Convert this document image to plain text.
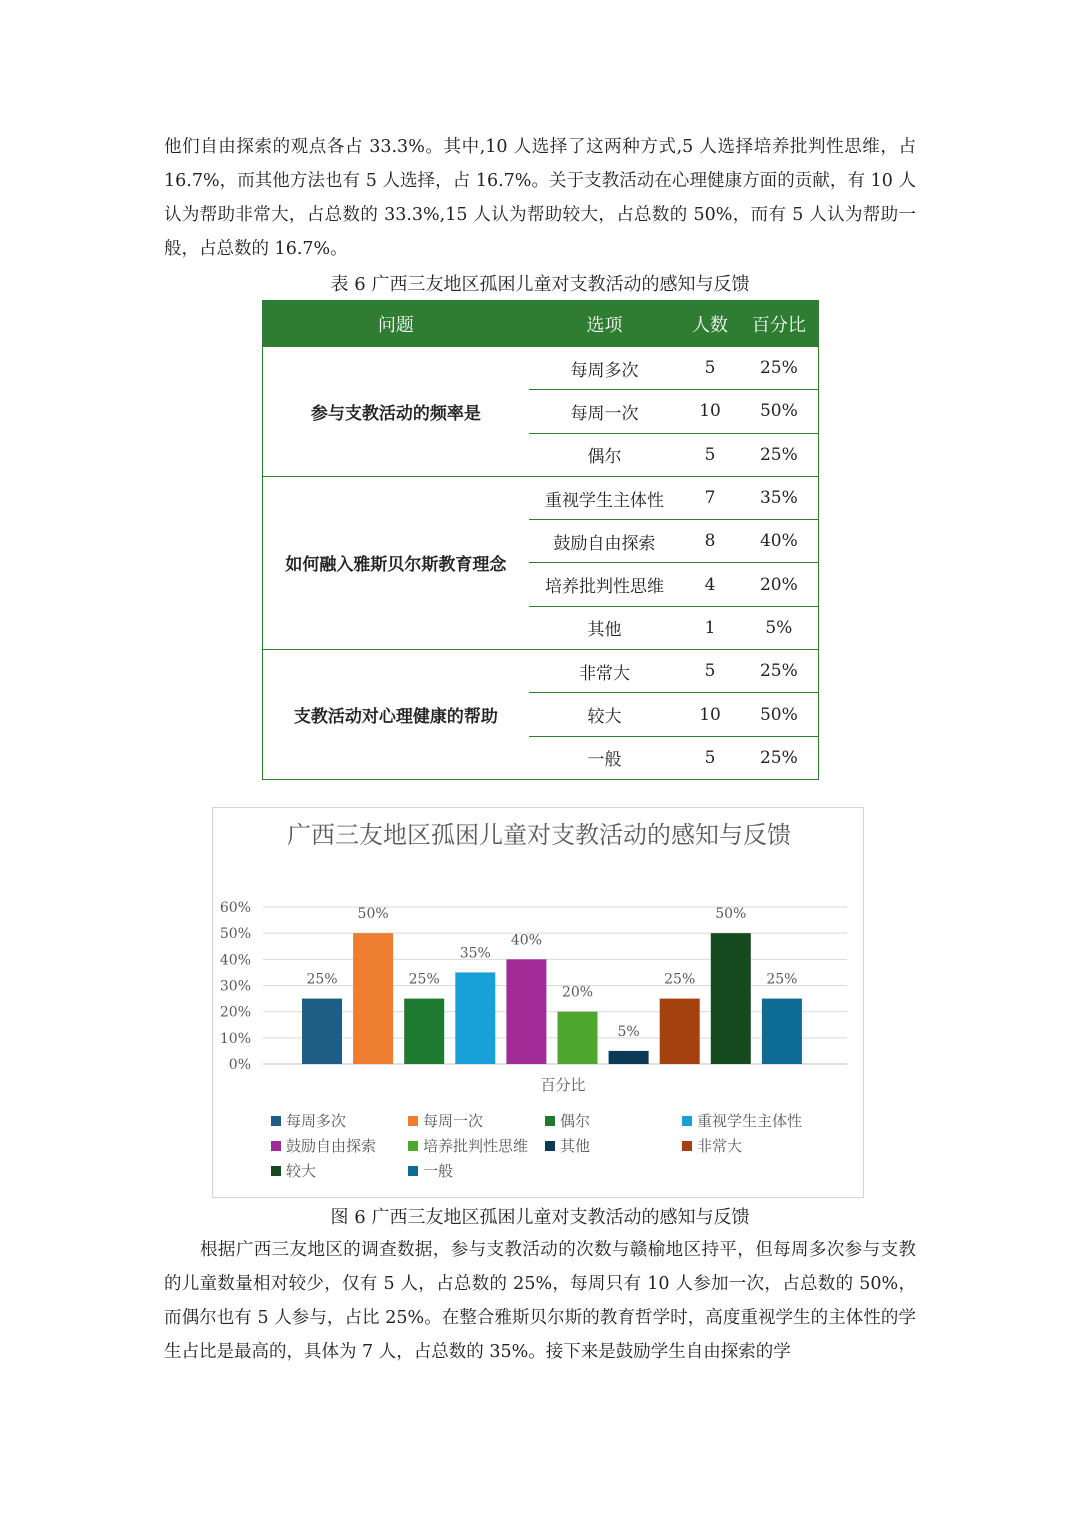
他们自由探索的观点各占 33.3%。其中,10 人选择了这两种方式,5 人选择培养批判性思维，占 16.7%，而其他方法也有 5 人选择，占 16.7%。关于支教活动在心理健康方面的贡献，有 10 人认为帮助非常大，占总数的 33.3%,15 人认为帮助较大，占总数的 50%，而有 5 人认为帮助一般，占总数的 16.7%。

表 6 广西三友地区孤困儿童对支教活动的感知与反馈

问题	选项	人数	百分比
参与支教活动的频率是	每周多次	5	25%
	每周一次	10	50%
	偶尔	5	25%
如何融入雅斯贝尔斯教育理念	重视学生主体性	7	35%
	鼓励自由探索	8	40%
	培养批判性思维	4	20%
	其他	1	5%
支教活动对心理健康的帮助	非常大	5	25%
	较大	10	50%
	一般	5	25%
广西三友地区孤困儿童对支教活动的感知与反馈
0%
10%
20%
30%
40%
50%
60%
25%
50%
25%
35%
40%
20%
5%
25%
50%
25%
百分比
每周多次	每周一次	偶尔	重视学生主体性
鼓励自由探索	培养批判性思维	其他	非常大
较大	一般

图 6 广西三友地区孤困儿童对支教活动的感知与反馈

根据广西三友地区的调查数据，参与支教活动的次数与赣榆地区持平，但每周多次参与支教的儿童数量相对较少，仅有 5 人，占总数的 25%，每周只有 10 人参加一次，占总数的 50%，而偶尔也有 5 人参与，占比 25%。在整合雅斯贝尔斯的教育哲学时，高度重视学生的主体性的学生占比是最高的，具体为 7 人，占总数的 35%。接下来是鼓励学生自由探索的学
